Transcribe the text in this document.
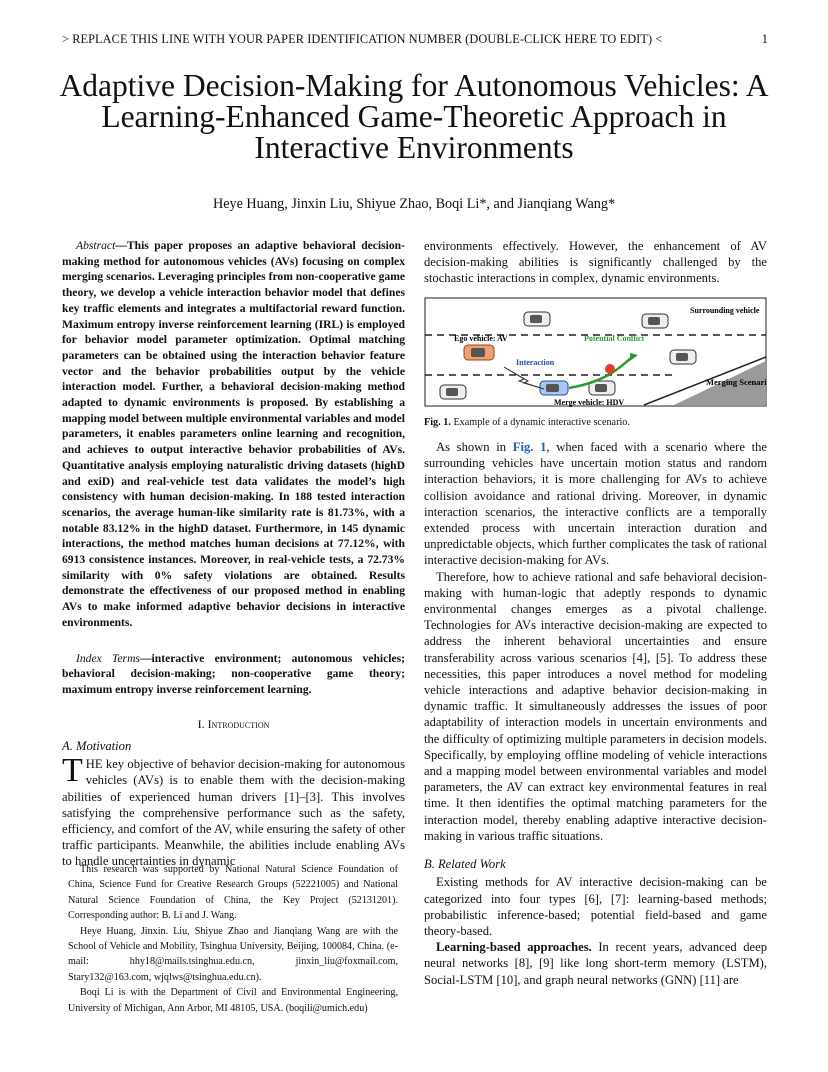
> REPLACE THIS LINE WITH YOUR PAPER IDENTIFICATION NUMBER (DOUBLE-CLICK HERE TO EDIT) <	1
Adaptive Decision-Making for Autonomous Vehicles: A Learning-Enhanced Game-Theoretic Approach in Interactive Environments
Heye Huang, Jinxin Liu, Shiyue Zhao, Boqi Li*, and Jianqiang Wang*

Abstract—This paper proposes an adaptive behavioral decision-making method for autonomous vehicles (AVs) focusing on complex merging scenarios. Leveraging principles from non-cooperative game theory, we develop a vehicle interaction behavior model that defines key traffic elements and integrates a multifactorial reward function. Maximum entropy inverse reinforcement learning (IRL) is employed for behavior model parameter optimization. Optimal matching parameters can be obtained using the interaction behavior feature vector and the behavior probabilities output by the vehicle interaction model. Further, a behavioral decision-making method adapted to dynamic environments is proposed. By establishing a mapping model between multiple environmental variables and model parameters, it enables parameters online learning and recognition, and achieves to output interactive behavior probabilities of AVs. Quantitative analysis employing naturalistic driving datasets (highD and exiD) and real-vehicle test data validates the model’s high consistency with human decision-making. In 188 tested interaction scenarios, the average human-like similarity rate is 81.73%, with a notable 83.12% in the highD dataset. Furthermore, in 145 dynamic interactions, the method matches human decisions at 77.12%, with 6913 consistence instances. Moreover, in real-vehicle tests, a 72.73% similarity with 0% safety violations are obtained. Results demonstrate the effectiveness of our proposed method in enabling AVs to make informed adaptive behavior decisions in interactive environments.

Index Terms—interactive environment; autonomous vehicles; behavioral decision-making; non-cooperative game theory; maximum entropy inverse reinforcement learning.

I. Introduction

A. Motivation

THE key objective of behavior decision-making for autonomous vehicles (AVs) is to enable them with the decision-making abilities of experienced human drivers [1]–[3]. This involves satisfying the comprehensive performance such as the safety, efficiency, and comfort of the AV, while ensuring the safety of other traffic participants. Meanwhile, the abilities include enabling AVs to handle uncertainties in dynamic

This research was supported by National Natural Science Foundation of China, Science Fund for Creative Research Groups (52221005) and National Natural Science Foundation of China, the Key Project (52131201). Corresponding author: B. Li and J. Wang.

Heye Huang, Jinxin. Liu, Shiyue Zhao and Jianqiang Wang are with the School of Vehicle and Mobility, Tsinghua University, Beijing, 100084, China. (e-mail: hhy18@mails.tsinghua.edu.cn, jinxin_liu@foxmail.com, Stary132@163.com, wjqlws@tsinghua.edu.cn).

Boqi Li is with the Department of Civil and Environmental Engineering, University of Michigan, Ann Arbor, MI 48105, USA. (boqili@umich.edu)

environments effectively. However, the enhancement of AV decision-making abilities is significantly challenged by the stochastic interactions in complex, dynamic environments.

Surrounding vehicle
Ego vehicle: AV	Potential Conflict
Interaction
Merging Scenario
Merge vehicle: HDV
Fig. 1. Example of a dynamic interactive scenario.

As shown in Fig. 1, when faced with a scenario where the surrounding vehicles have uncertain motion status and random interaction behaviors, it is more challenging for AVs to achieve collision avoidance and rational driving. Moreover, in dynamic interaction scenarios, the interactive conflicts are a temporally extended process with uncertain interaction duration and unpredictable objects, which further complicates the task of rational interactive decision-making for AVs.

Therefore, how to achieve rational and safe behavioral decision-making with human-logic that adeptly responds to dynamic environmental changes emerges as a pivotal challenge. Technologies for AVs interactive decision-making are expected to address the inherent behavioral uncertainties and ensure transferability across various scenarios [4], [5]. To address these necessities, this paper introduces a novel method for modeling vehicle interactions and adaptive behavior decision-making in dynamic traffic. It simultaneously addresses the issues of poor adaptability of interaction models in uncertain environments and the difficulty of optimizing multiple parameters in decision models. Specifically, by employing offline modeling of vehicle interactions and a mapping model between environmental variables and model parameters, the AV can extract key environmental features in real time. It then identifies the optimal matching parameters for the interaction model, thereby enabling adaptive interactive decision-making in various traffic situations.

B. Related Work

Existing methods for AV interactive decision-making can be categorized into four types [6], [7]: learning-based methods; probabilistic inference-based; potential field-based and game theory-based.

Learning-based approaches. In recent years, advanced deep neural networks [8], [9] like long short-term memory (LSTM), Social-LSTM [10], and graph neural networks (GNN) [11] are
